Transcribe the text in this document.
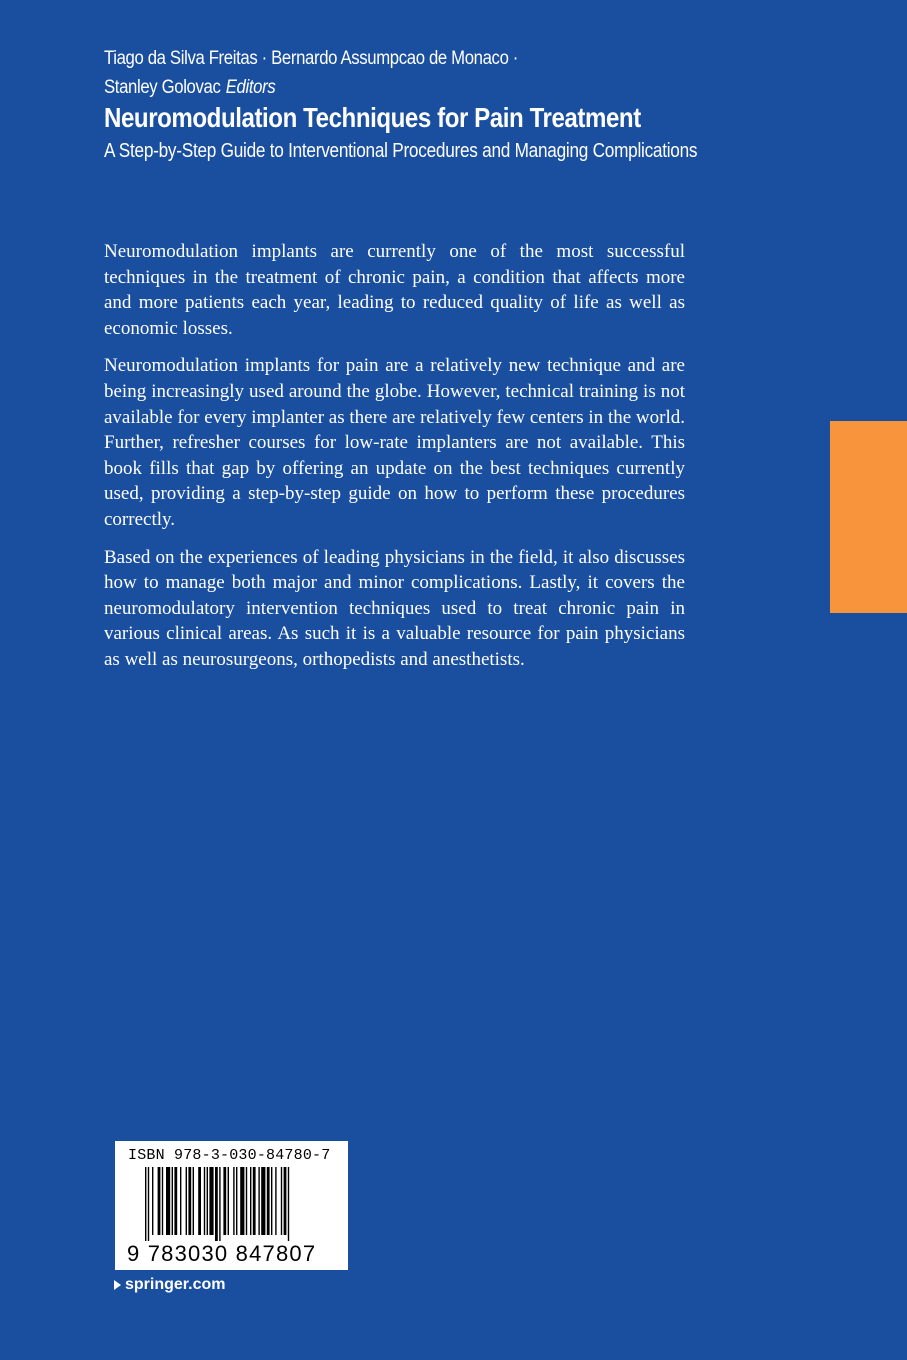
Tiago da Silva Freitas · Bernardo Assumpcao de Monaco ·
Stanley Golovac Editors
Neuromodulation Techniques for Pain Treatment
A Step-by-Step Guide to Interventional Procedures and Managing Complications

Neuromodulation implants are currently one of the most successful techniques in the treatment of chronic pain, a condition that affects more and more patients each year, leading to reduced quality of life as well as economic losses.

Neuromodulation implants for pain are a relatively new technique and are being increasingly used around the globe. However, technical training is not available for every implanter as there are relatively few centers in the world. Further, refresher courses for low-rate implanters are not available. This book fills that gap by offering an update on the best techniques currently used, providing a step-by-step guide on how to perform these procedures correctly.

Based on the experiences of leading physicians in the field, it also discusses how to manage both major and minor complications. Lastly, it covers the neuromodulatory intervention techniques used to treat chronic pain in various clinical areas. As such it is a valuable resource for pain physicians as well as neurosurgeons, orthopedists and anesthetists.

ISBN 978-3-030-84780-7
9 783030 847807
springer.com
